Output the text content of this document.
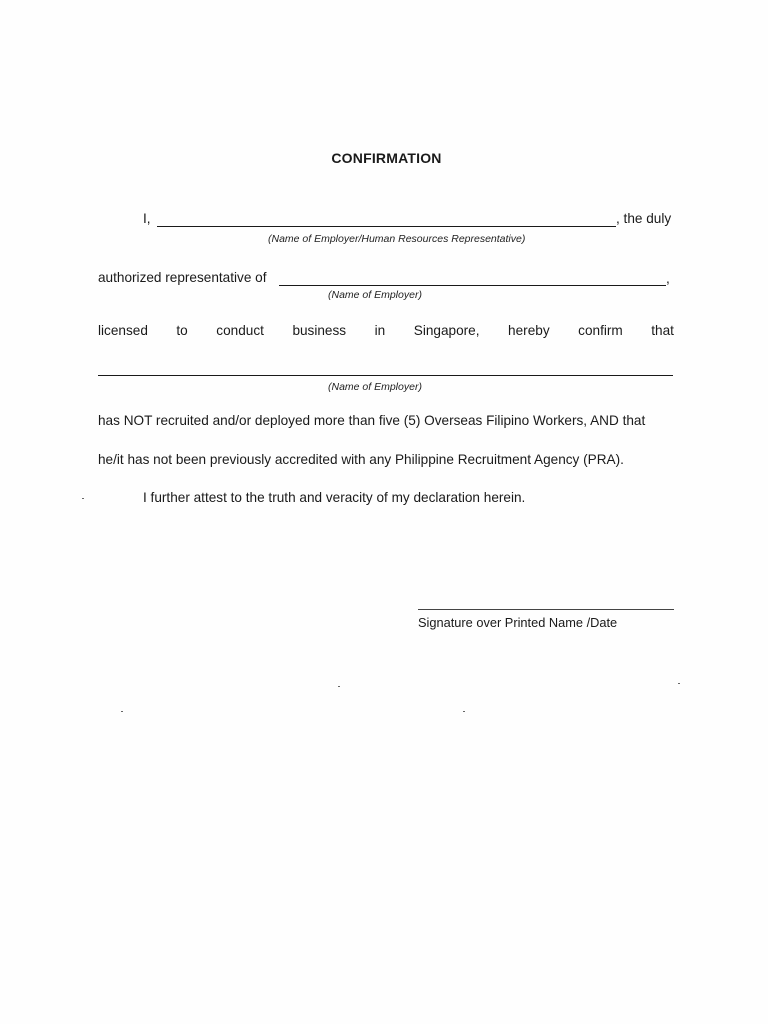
CONFIRMATION
I,	, the duly
(Name of Employer/Human Resources Representative)
authorized representative of	,
(Name of Employer)
licensed to conduct business in Singapore, hereby confirm that
(Name of Employer)
has NOT recruited and/or deployed more than five (5) Overseas Filipino Workers, AND that
he/it has not been previously accredited with any Philippine Recruitment Agency (PRA).
I further attest to the truth and veracity of my declaration herein.
Signature over Printed Name /Date
